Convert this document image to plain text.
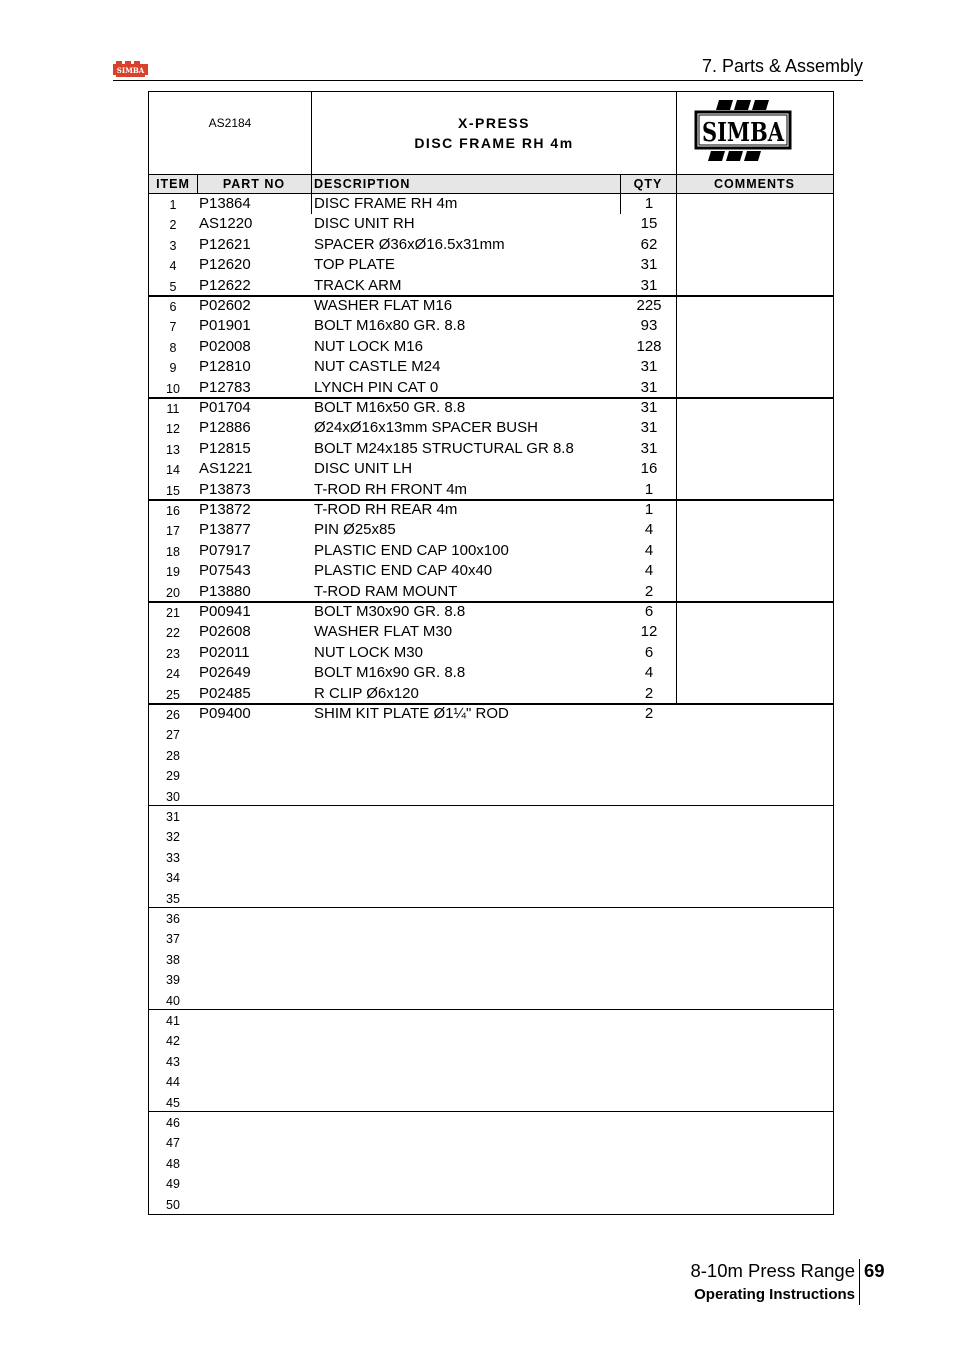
SIMBA	7. Parts & Assembly
AS2184	X-PRESS
DISC FRAME RH 4m	SIMBA
ITEM	PART NO	DESCRIPTION	QTY	COMMENTS
1	P13864	DISC FRAME RH 4m	1
2	AS1220	DISC UNIT RH	15
3	P12621	SPACER Ø36xØ16.5x31mm	62
4	P12620	TOP PLATE	31
5	P12622	TRACK ARM	31
6	P02602	WASHER FLAT M16	225
7	P01901	BOLT M16x80 GR. 8.8	93
8	P02008	NUT LOCK M16	128
9	P12810	NUT CASTLE M24	31
10	P12783	LYNCH PIN CAT 0	31
11	P01704	BOLT M16x50 GR. 8.8	31
12	P12886	Ø24xØ16x13mm SPACER BUSH	31
13	P12815	BOLT M24x185 STRUCTURAL GR 8.8	31
14	AS1221	DISC UNIT LH	16
15	P13873	T-ROD RH FRONT 4m	1
16	P13872	T-ROD RH REAR 4m	1
17	P13877	PIN Ø25x85	4
18	P07917	PLASTIC END CAP 100x100	4
19	P07543	PLASTIC END CAP 40x40	4
20	P13880	T-ROD RAM MOUNT	2
21	P00941	BOLT M30x90 GR. 8.8	6
22	P02608	WASHER FLAT M30	12
23	P02011	NUT LOCK M30	6
24	P02649	BOLT M16x90 GR. 8.8	4
25	P02485	R CLIP Ø6x120	2
26	P09400	SHIM KIT PLATE Ø1¼" ROD	2
27
28
29
30
31
32
33
34
35
36
37
38
39
40
41
42
43
44
45
46
47
48
49
50
8-10m Press Range 69
Operating Instructions
